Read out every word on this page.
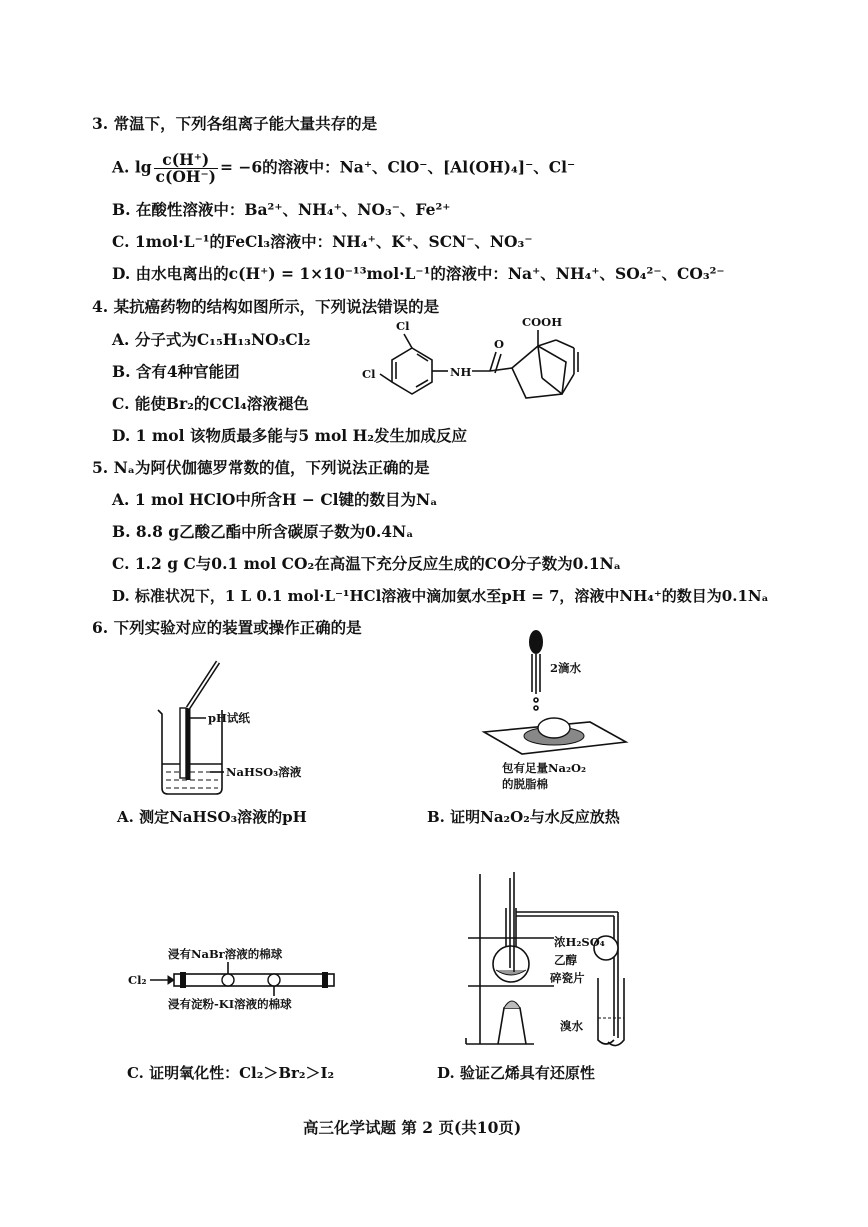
3. 常温下，下列各组离子能大量共存的是
A. $\lg \frac{c(H^+)}{c(OH^-)} = -6$的溶液中：Na⁺、ClO⁻、[Al(OH)₄]⁻、Cl⁻
B. 在酸性溶液中：Ba²⁺、NH₄⁺、NO₃⁻、Fe²⁺
C. 1mol·L⁻¹的FeCl₃溶液中：NH₄⁺、K⁺、SCN⁻、NO₃⁻
D. 由水电离出的c(H⁺) = 1×10⁻¹³mol·L⁻¹的溶液中：Na⁺、NH₄⁺、SO₄²⁻、CO₃²⁻
4. 某抗癌药物的结构如图所示，下列说法错误的是
A. 分子式为C₁₅H₁₃NO₃Cl₂
B. 含有4种官能团
C. 能使Br₂的CCl₄溶液褪色
D. 1 mol 该物质最多能与5 mol H₂发生加成反应
Cl
Cl	NH
O
COOH
5. Nₐ为阿伏伽德罗常数的值，下列说法正确的是
A. 1 mol HClO中所含H − Cl键的数目为Nₐ
B. 8.8 g乙酸乙酯中所含碳原子数为0.4Nₐ
C. 1.2 g C与0.1 mol CO₂在高温下充分反应生成的CO分子数为0.1Nₐ
D. 标准状况下，1 L 0.1 mol·L⁻¹HCl溶液中滴加氨水至pH = 7，溶液中NH₄⁺的数目为0.1Nₐ
6. 下列实验对应的装置或操作正确的是
pH试纸
NaHSO₃溶液
A. 测定NaHSO₃溶液的pH
2滴水
包有足量Na₂O₂
的脱脂棉
B. 证明Na₂O₂与水反应放热
浸有NaBr溶液的棉球
Cl₂
浸有淀粉-KI溶液的棉球
C. 证明氧化性：Cl₂＞Br₂＞I₂
浓H₂SO₄
乙醇
碎瓷片
溴水
D. 验证乙烯具有还原性
高三化学试题 第 2 页(共10页)
